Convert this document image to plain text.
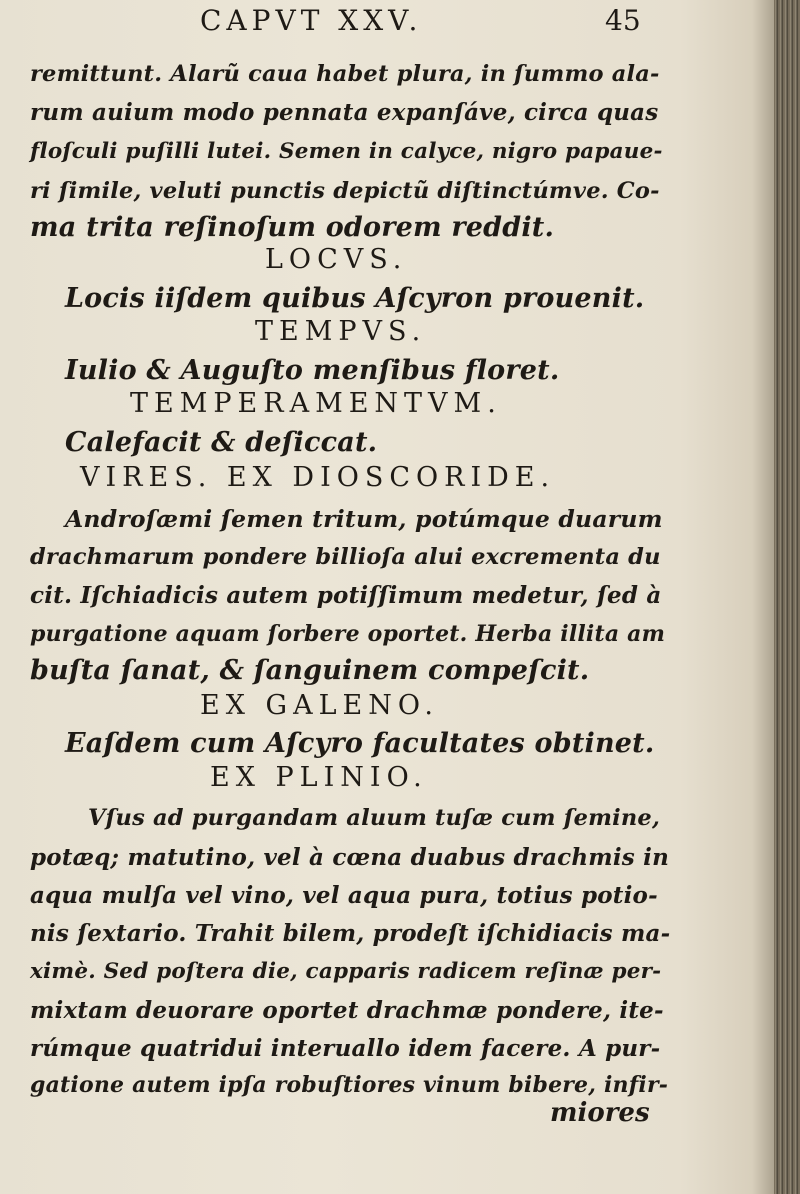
CAPVT XXV.	45
remittunt. Alarũ caua habet plura, in ſummo ala-
rum auium modo pennata expanſáve, circa quas
floſculi puſilli lutei. Semen in calyce, nigro papaue-
ri ſimile, veluti punctis depictũ diſtinctúmve. Co-
ma trita reſinoſum odorem reddit.
LOCVS.
Locis iiſdem quibus Aſcyron prouenit.
TEMPVS.
Iulio & Auguſto menſibus floret.
TEMPERAMENTVM.
Calefacit & deſiccat.
VIRES. EX DIOSCORIDE.
Androſæmi ſemen tritum, potúmque duarum
drachmarum pondere billioſa alui excrementa du
cit. Iſchiadicis autem potiſſimum medetur, ſed à
purgatione aquam ſorbere oportet. Herba illita am
buſta ſanat, & ſanguinem compeſcit.
EX GALENO.
Eaſdem cum Aſcyro facultates obtinet.
EX PLINIO.
Vſus ad purgandam aluum tuſæ cum ſemine,
potæq; matutino, vel à cœna duabus drachmis in
aqua mulſa vel vino, vel aqua pura, totius potio-
nis ſextario. Trahit bilem, prodeſt iſchidiacis ma-
ximè. Sed poſtera die, capparis radicem reſinæ per-
mixtam deuorare oportet drachmæ pondere, ite-
rúmque quatridui interuallo idem facere. A pur-
gatione autem ipſa robuſtiores vinum bibere, infir-
miores
